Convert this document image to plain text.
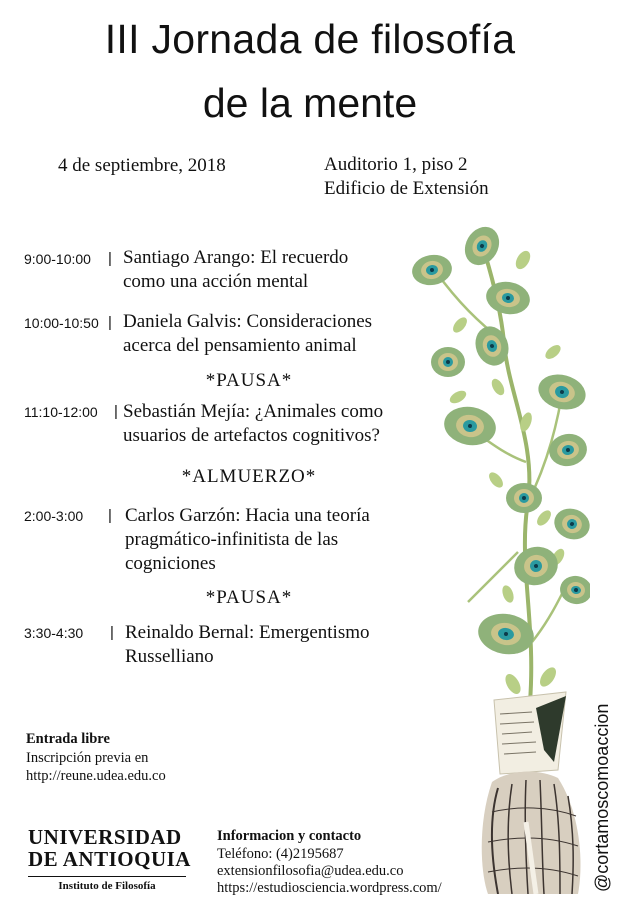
III Jornada de filosofía
de la mente
4 de septiembre, 2018	Auditorio 1, piso 2
Edificio de Extensión
9:00-10:00 | Santiago Arango: El recuerdo
como una acción mental
10:00-10:50 | Daniela Galvis: Consideraciones
acerca del pensamiento animal
*PAUSA*
11:10-12:00 | Sebastián Mejía: ¿Animales como
usuarios de artefactos cognitivos?
*ALMUERZO*
2:00-3:00 | Carlos Garzón: Hacia una teoría
pragmático-infinitista de las
cogniciones
*PAUSA*
3:30-4:30 | Reinaldo Bernal: Emergentismo
Russelliano
Entrada libre
Inscripción previa en
http://reune.udea.edu.co
UNIVERSIDAD
DE ANTIOQUIA
Instituto de Filosofía
Informacion y contacto
Teléfono: (4)2195687
extensionfilosofia@udea.edu.co
https://estudiosciencia.wordpress.com/	@cortamoscomoaccion
